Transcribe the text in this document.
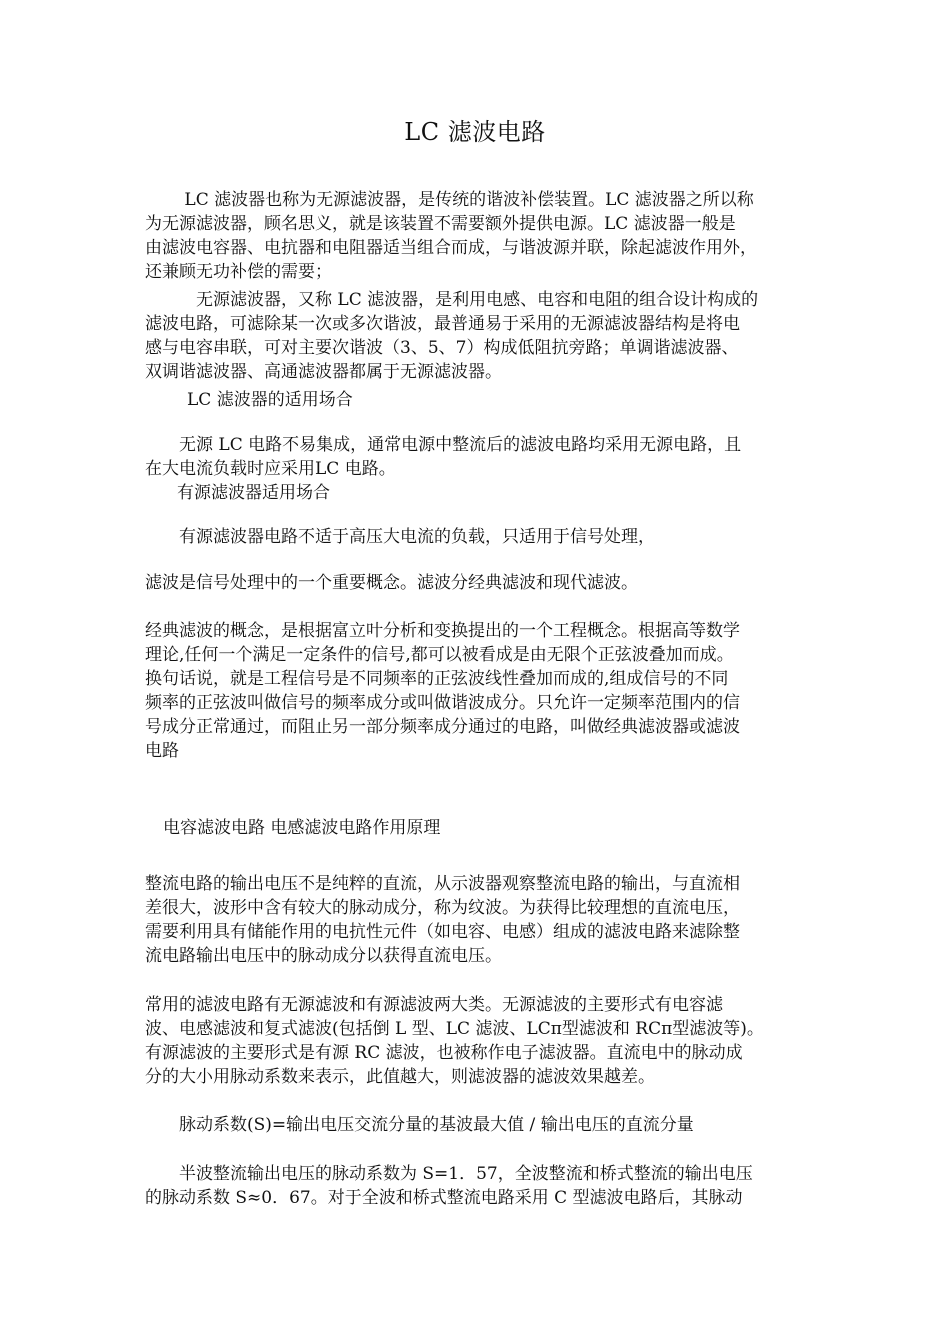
LC 滤波电路
　　 LC 滤波器也称为无源滤波器，是传统的谐波补偿装置。LC 滤波器之所以称
为无源滤波器，顾名思义，就是该装置不需要额外提供电源。LC 滤波器一般是
由滤波电容器、电抗器和电阻器适当组合而成，与谐波源并联，除起滤波作用外，
还兼顾无功补偿的需要；
　　　无源滤波器，又称 LC 滤波器，是利用电感、电容和电阻的组合设计构成的
滤波电路，可滤除某一次或多次谐波，最普通易于采用的无源滤波器结构是将电
感与电容串联，可对主要次谐波（3、5、7）构成低阻抗旁路；单调谐滤波器、
双调谐滤波器、高通滤波器都属于无源滤波器。
LC 滤波器的适用场合
　　无源 LC 电路不易集成，通常电源中整流后的滤波电路均采用无源电路，且
在大电流负载时应采用LC 电路。
有源滤波器适用场合
　　有源滤波器电路不适于高压大电流的负载，只适用于信号处理，
滤波是信号处理中的一个重要概念。滤波分经典滤波和现代滤波。
经典滤波的概念，是根据富立叶分析和变换提出的一个工程概念。根据高等数学
理论,任何一个满足一定条件的信号,都可以被看成是由无限个正弦波叠加而成。
换句话说，就是工程信号是不同频率的正弦波线性叠加而成的,组成信号的不同
频率的正弦波叫做信号的频率成分或叫做谐波成分。只允许一定频率范围内的信
号成分正常通过，而阻止另一部分频率成分通过的电路，叫做经典滤波器或滤波
电路
电容滤波电路 电感滤波电路作用原理
整流电路的输出电压不是纯粹的直流，从示波器观察整流电路的输出，与直流相
差很大，波形中含有较大的脉动成分，称为纹波。为获得比较理想的直流电压，
需要利用具有储能作用的电抗性元件（如电容、电感）组成的滤波电路来滤除整
流电路输出电压中的脉动成分以获得直流电压。
常用的滤波电路有无源滤波和有源滤波两大类。无源滤波的主要形式有电容滤
波、电感滤波和复式滤波(包括倒 L 型、LC 滤波、LCπ型滤波和 RCπ型滤波等)。
有源滤波的主要形式是有源 RC 滤波，也被称作电子滤波器。直流电中的脉动成
分的大小用脉动系数来表示，此值越大，则滤波器的滤波效果越差。
　　脉动系数(S)=输出电压交流分量的基波最大值 / 输出电压的直流分量
　　半波整流输出电压的脉动系数为 S=1．57，全波整流和桥式整流的输出电压
的脉动系数 S≈0．67。对于全波和桥式整流电路采用 C 型滤波电路后，其脉动
